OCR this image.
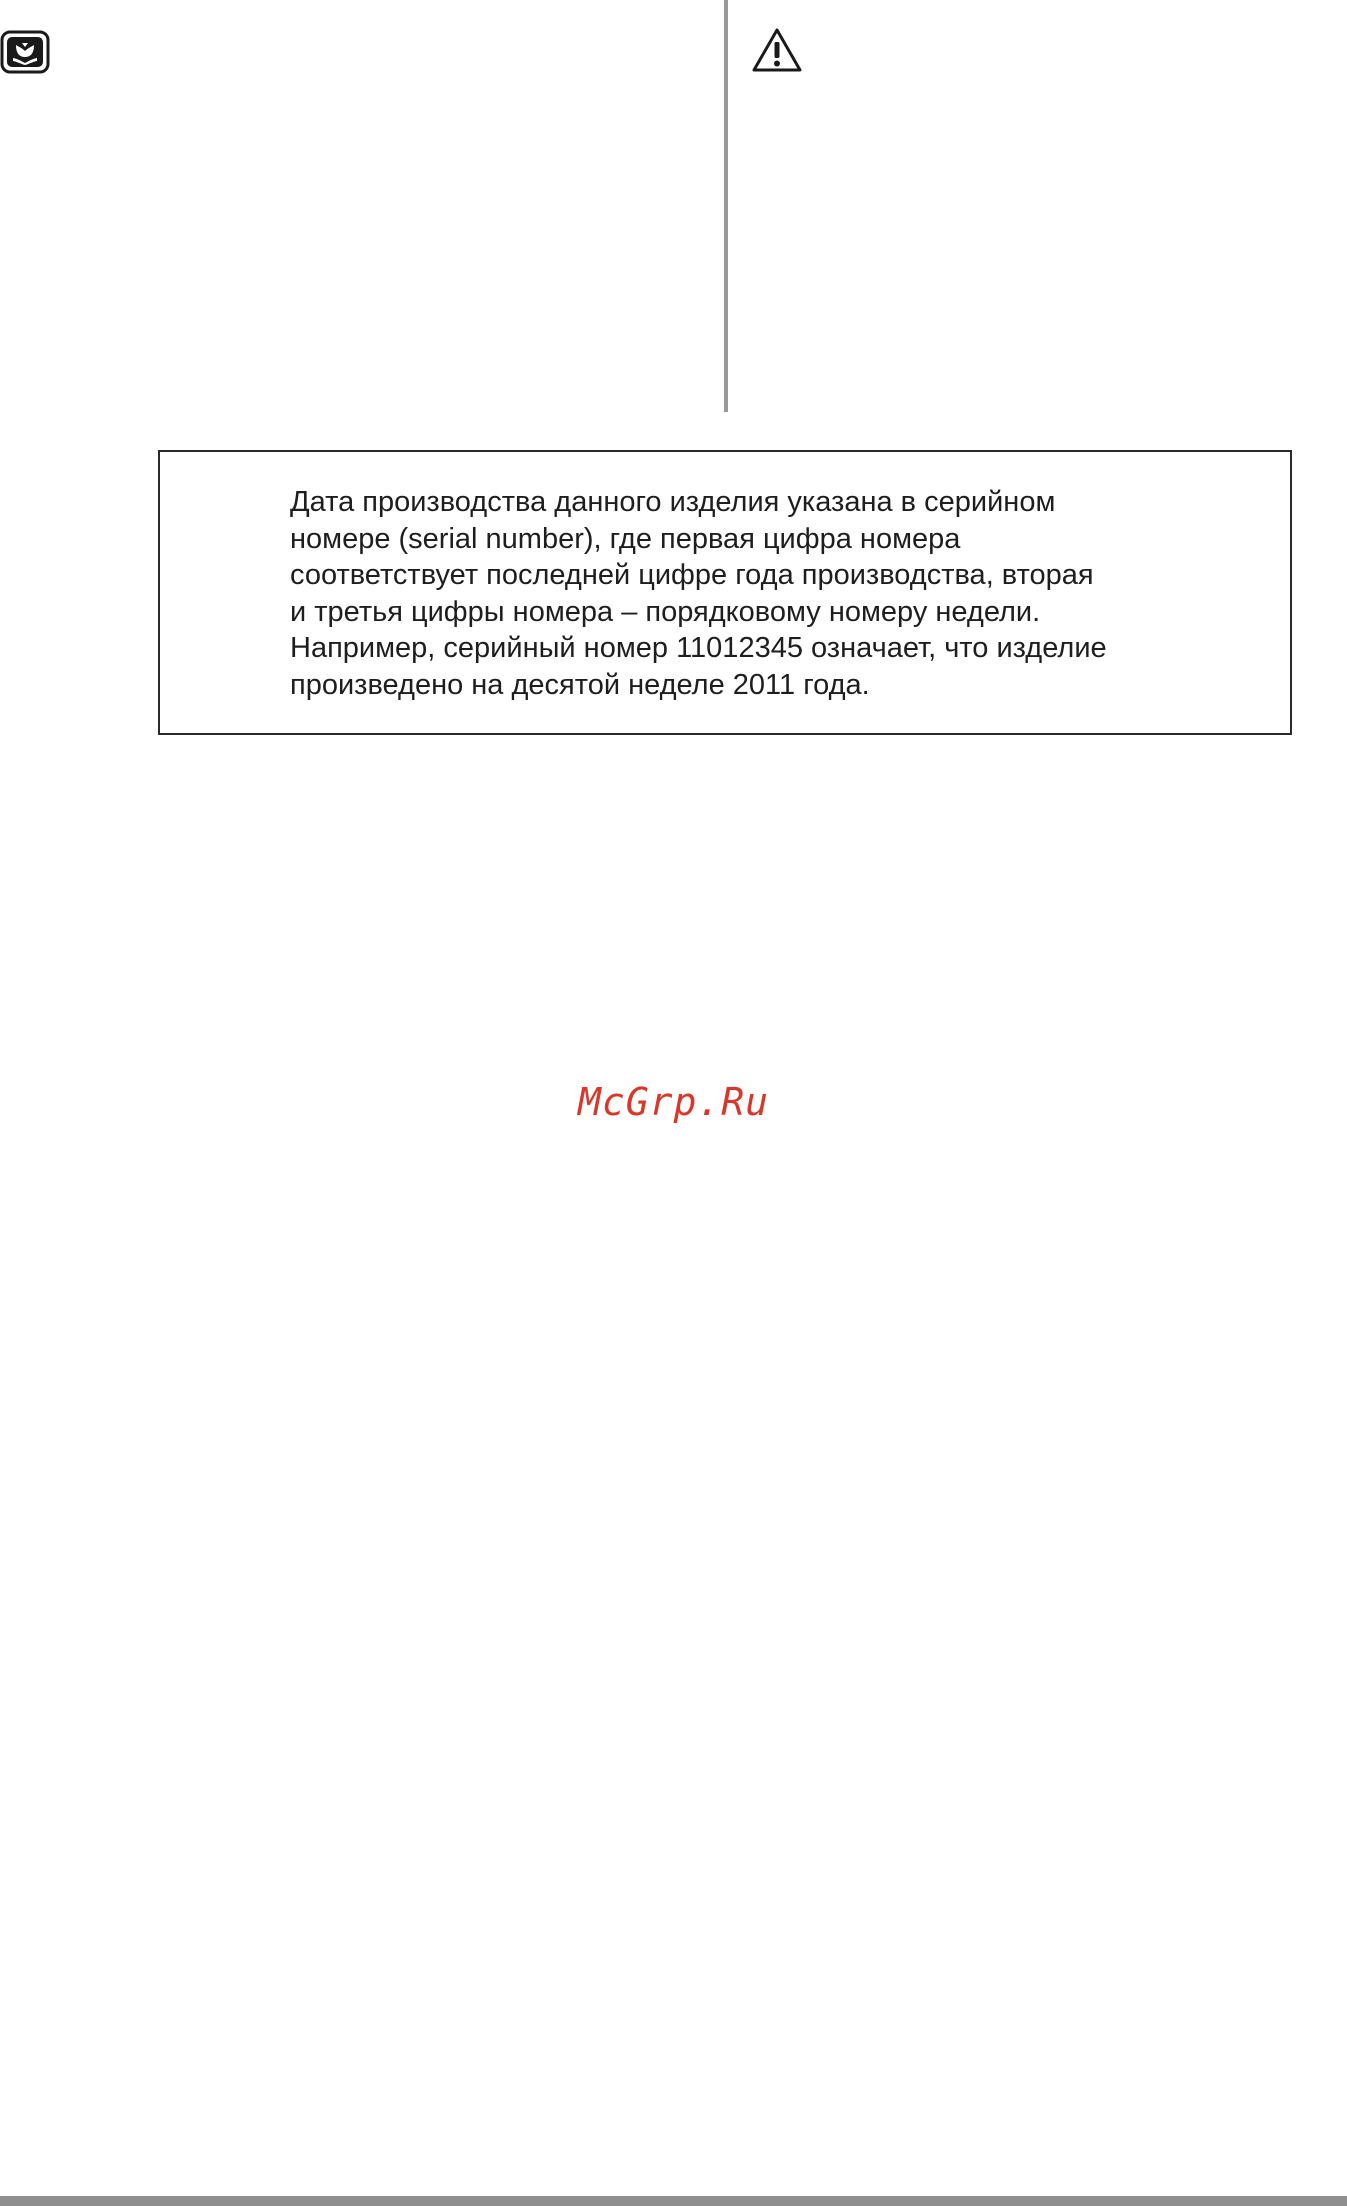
Дата производства данного изделия указана в серийном
номере (serial number), где первая цифра номера
соответствует последней цифре года производства, вторая
и третья цифры номера – порядковому номеру недели.
Например, серийный номер 11012345 означает, что изделие
произведено на десятой неделе 2011 года.

McGrp.Ru
